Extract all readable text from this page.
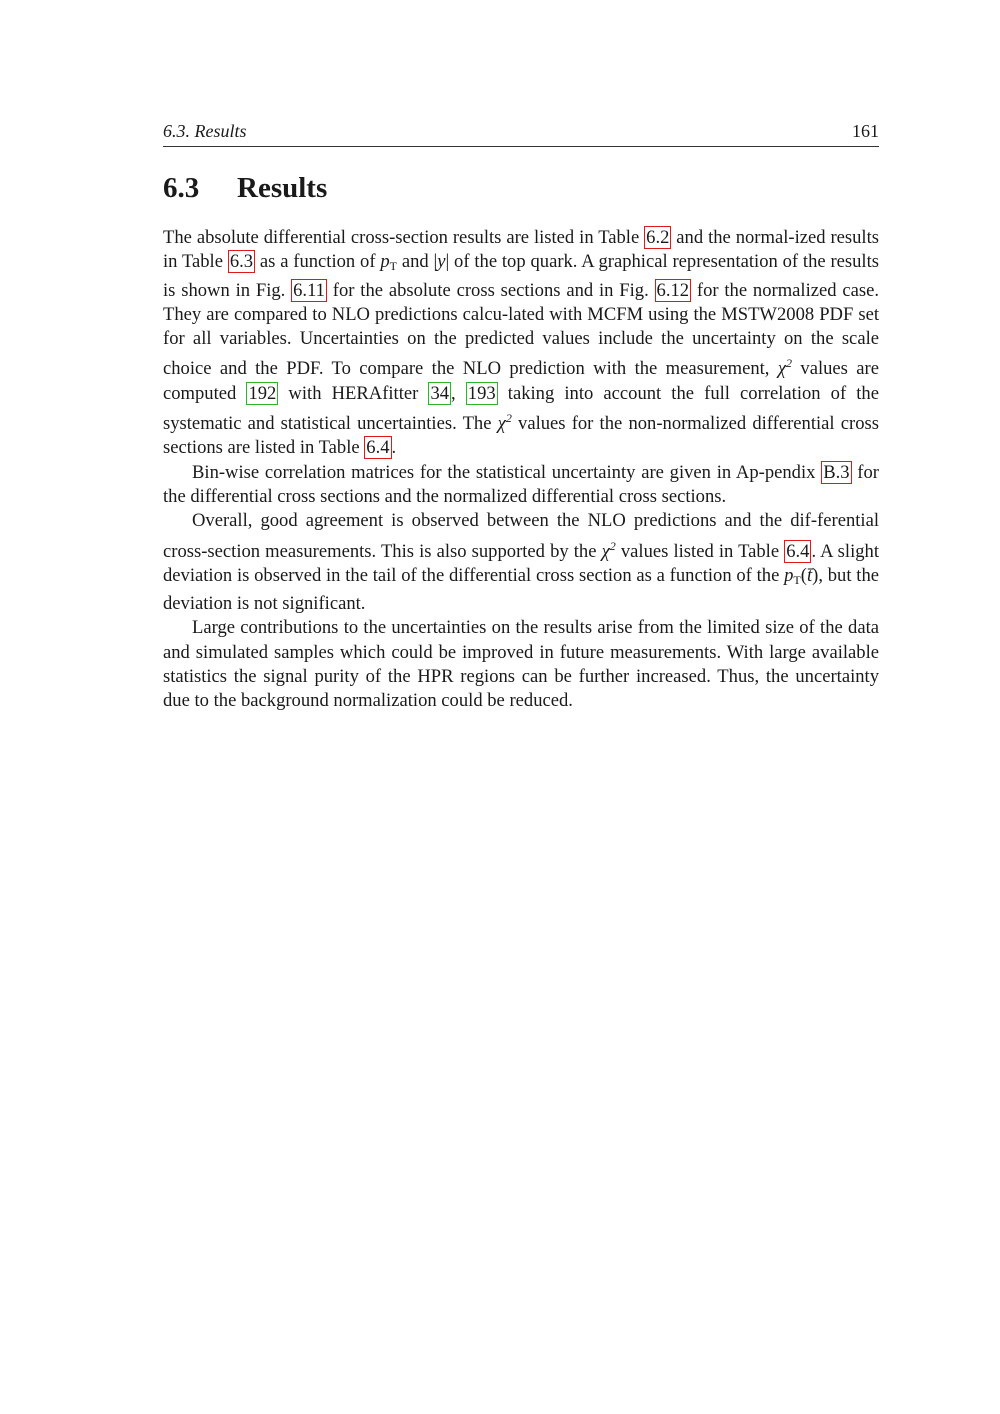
6.3. Results	161
6.3 Results

The absolute differential cross-section results are listed in Table 6.2 and the normal-ized results in Table 6.3 as a function of $p_T$ and |y| of the top quark. A graphical representation of the results is shown in Fig. 6.11 for the absolute cross sections and in Fig. 6.12 for the normalized case. They are compared to NLO predictions calcu-lated with MCFM using the MSTW2008 PDF set for all variables. Uncertainties on the predicted values include the uncertainty on the scale choice and the PDF. To compare the NLO prediction with the measurement, $\chi^2$ values are computed 192 with HERAfitter 34 , 193 taking into account the full correlation of the systematic and statistical uncertainties. The $\chi^2$ values for the non-normalized differential cross sections are listed in Table 6.4 .

Bin-wise correlation matrices for the statistical uncertainty are given in Ap-pendix B.3 for the differential cross sections and the normalized differential cross sections.

Overall, good agreement is observed between the NLO predictions and the dif-ferential cross-section measurements. This is also supported by the $\chi^2$ values listed in Table 6.4 . A slight deviation is observed in the tail of the differential cross section as a function of the $p_T(t̄)$, but the deviation is not significant.

Large contributions to the uncertainties on the results arise from the limited size of the data and simulated samples which could be improved in future measurements. With large available statistics the signal purity of the HPR regions can be further increased. Thus, the uncertainty due to the background normalization could be reduced.
